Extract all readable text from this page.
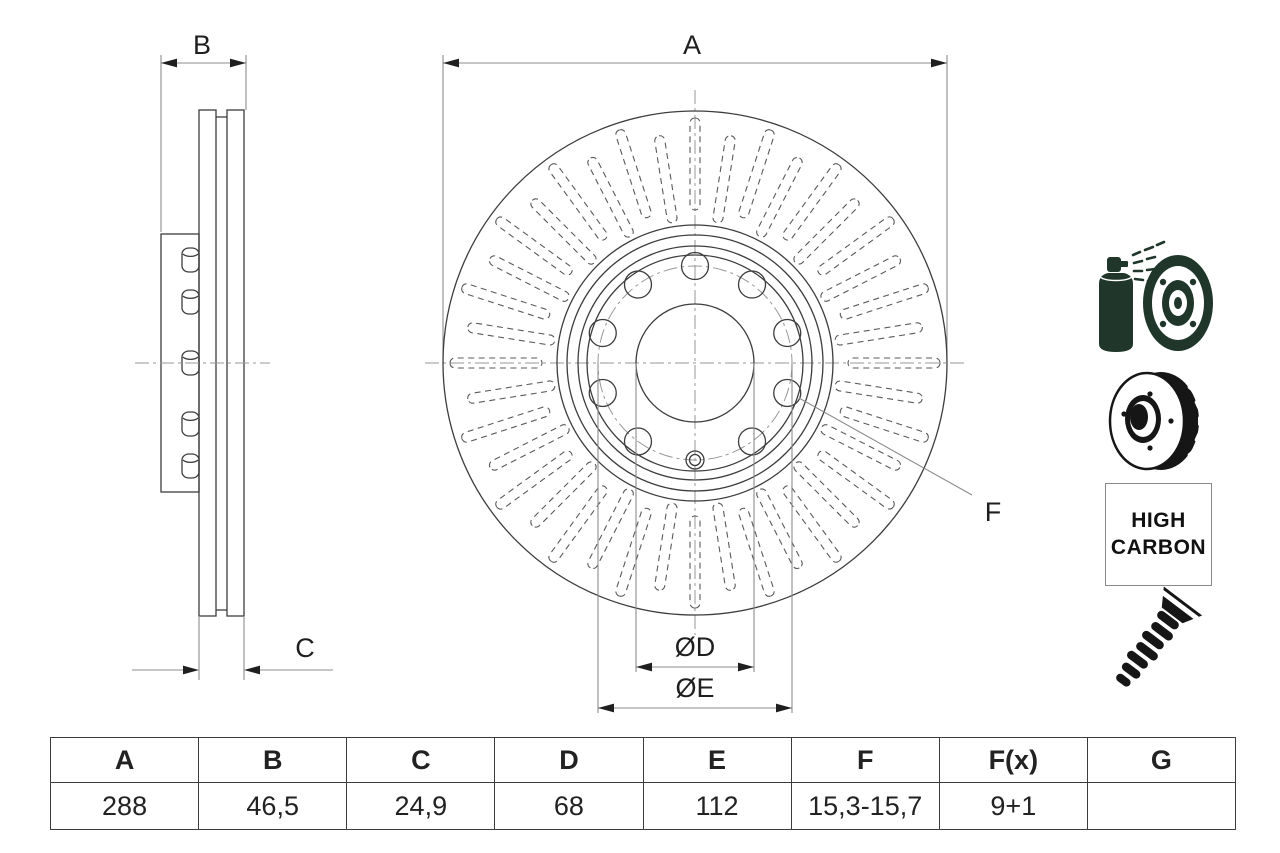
B
C
A
ØD
ØE
F	HIGH
CARBON
A	B	C	D	E	F	F(x)	G
288	46,5	24,9	68	112	15,3-15,7	9+1	
